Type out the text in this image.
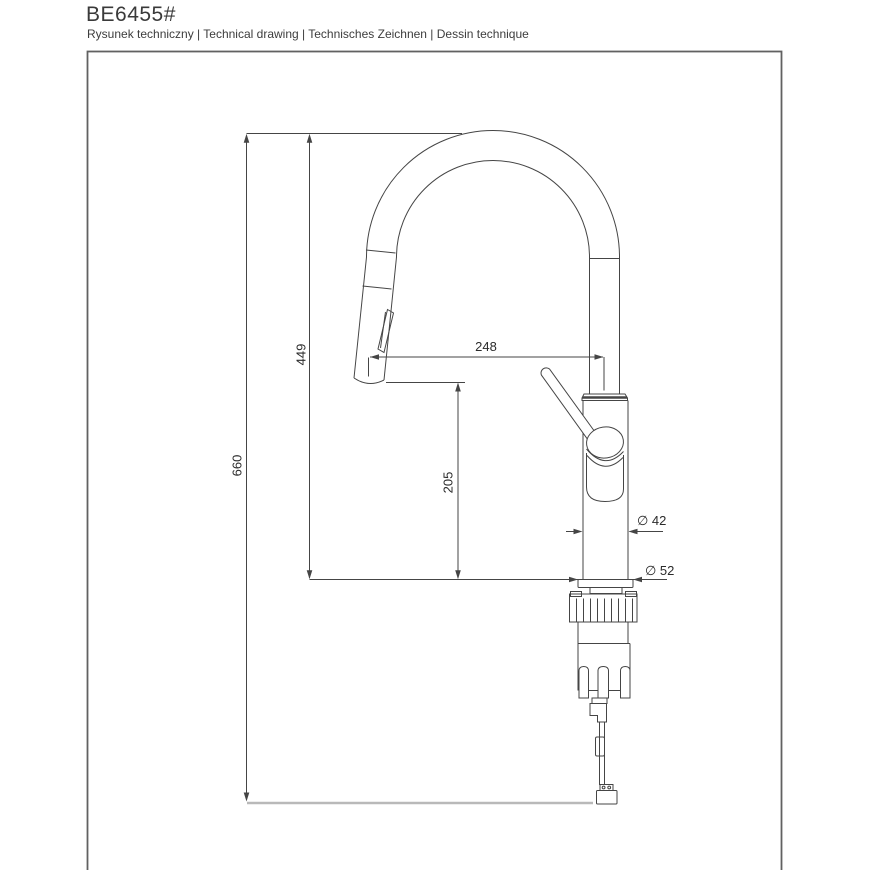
BE6455#
Rysunek techniczny | Technical drawing | Technisches Zeichnen | Dessin technique
660
449
205
248
∅ 42
∅ 52
